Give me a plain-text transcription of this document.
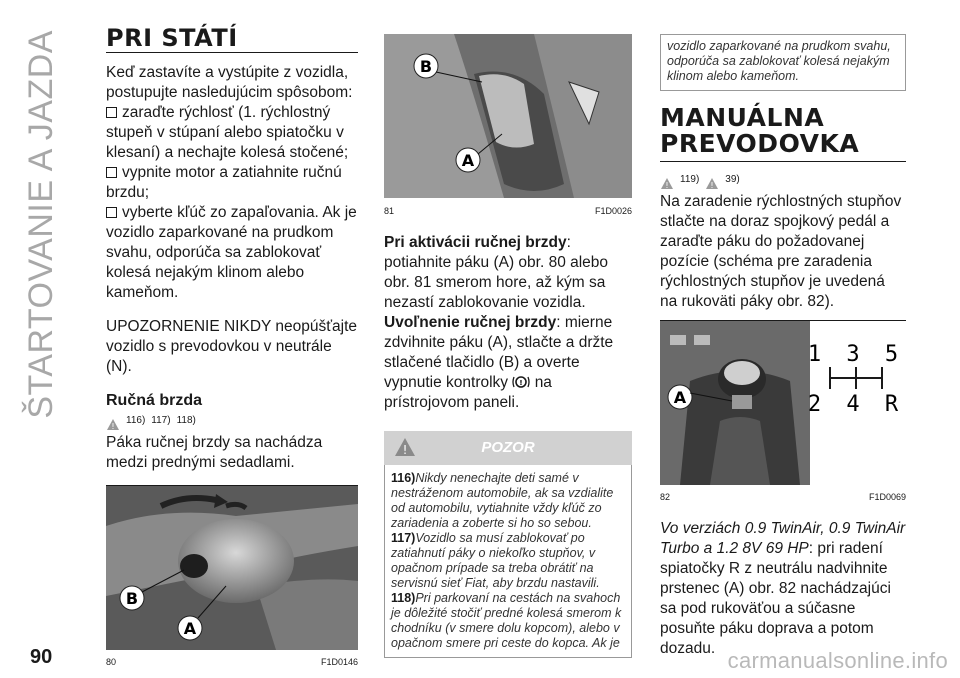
ŠTARTOVANIE A JAZDA PRI STÁTÍ

Keď zastavíte a vystúpite z vozidla, postupujte nasledujúcim spôsobom:

zaraďte rýchlosť (1. rýchlostný stupeň v stúpaní alebo spiatočku v klesaní) a nechajte kolesá stočené;
vypnite motor a zatiahnite ručnú brzdu;
vyberte kľúč zo zapaľovania. Ak je vozidlo zaparkované na prudkom svahu, odporúča sa zablokovať kolesá nejakým klinom alebo kameňom.

UPOZORNENIE NIKDY neopúšťajte vozidlo s prevodovkou v neutrále (N).

Ručná brzda
!
116) 117) 118)

Páka ručnej brzdy sa nachádza medzi prednými sedadlami.

B
A
80	F1D0146
B
A
81	F1D0026

Pri aktivácii ručnej brzdy: potiahnite páku (A) obr. 80 alebo obr. 81 smerom hore, až kým sa nezastí zablokovanie vozidla.

Uvoľnenie ručnej brzdy: mierne zdvihnite páku (A), stlačte a držte stlačené tlačidlo (B) a overte vypnutie kontrolky ! na prístrojovom paneli.

!	POZOR
116)Nikdy nenechajte deti samé v nestráženom automobile, ak sa vzdialite od automobilu, vytiahnite vždy kľúč zo zariadenia a zoberte si ho so sebou.
117)Vozidlo sa musí zablokovať po zatiahnutí páky o niekoľko stupňov, v opačnom prípade sa treba obrátiť na servisnú sieť Fiat, aby brzdu nastavili.
118)Pri parkovaní na cestách na svahoch je dôležité stočiť predné kolesá smerom k chodníku (v smere dolu kopcom), alebo v opačnom smere pri ceste do kopca. Ak je
vozidlo zaparkované na prudkom svahu, odporúča sa zablokovať kolesá nejakým klinom alebo kameňom.
MANUÁLNA
PREVODOVKA
!
119)
!
39)

Na zaradenie rýchlostných stupňov stlačte na doraz spojkový pedál a zaraďte páku do požadovanej pozície (schéma pre zaradenia rýchlostných stupňov je uvedená na rukoväti páky obr. 82).

A
1 3 5
2 4 R
82	F1D0069

Vo verziách 0.9 TwinAir, 0.9 TwinAir Turbo a 1.2 8V 69 HP: pri radení spiatočky R z neutrálu nadvihnite prstenec (A) obr. 82 nachádzajúci sa pod rukoväťou a súčasne posuňte páku doprava a potom dozadu.

90	carmanualsonline.info
